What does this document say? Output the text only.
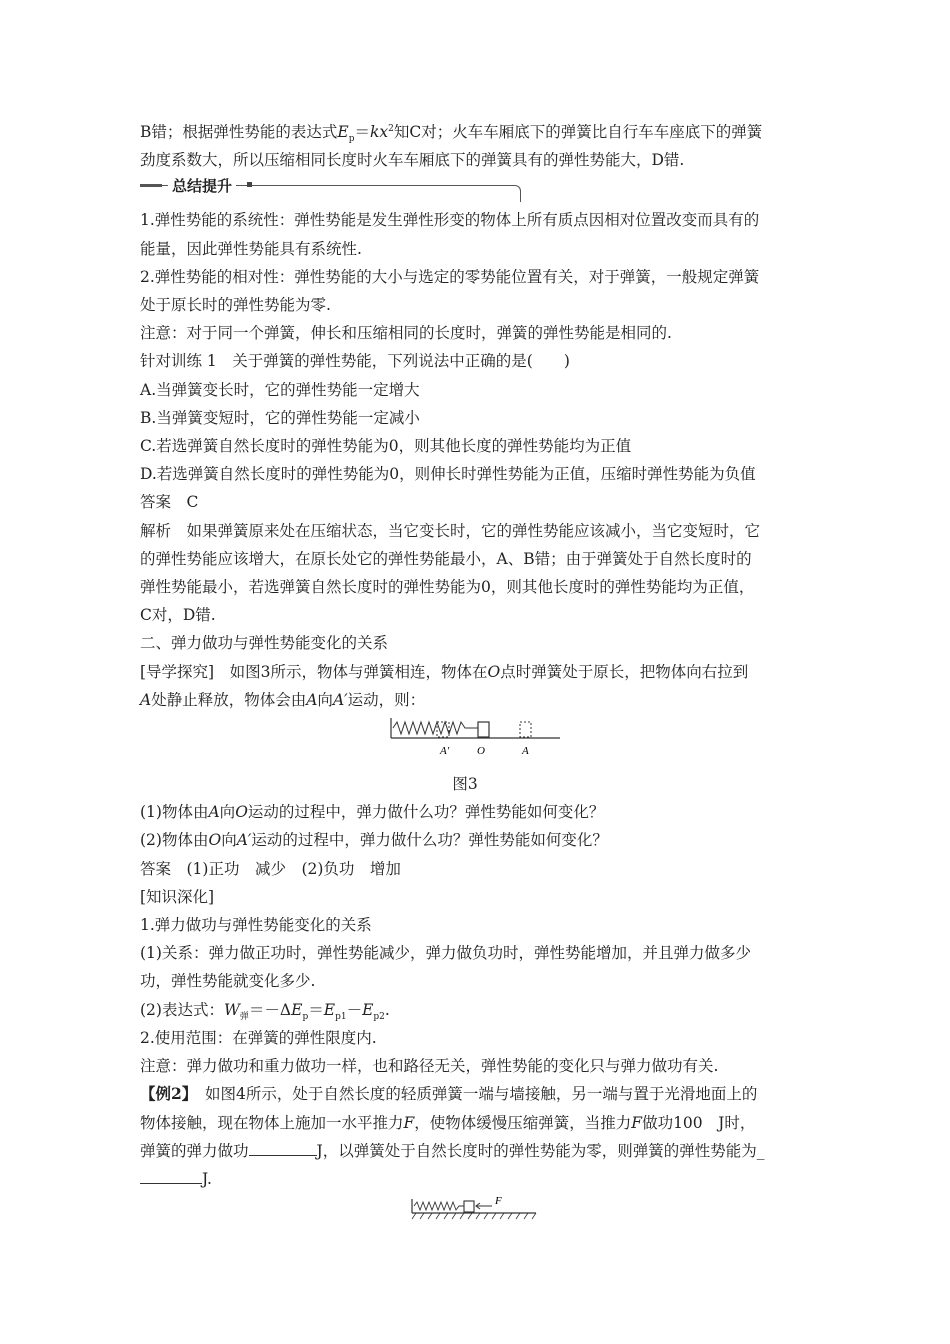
B错；根据弹性势能的表达式$E_p=kx^2$知C对；火车车厢底下的弹簧比自行车车座底下的弹簧
劲度系数大，所以压缩相同长度时火车车厢底下的弹簧具有的弹性势能大，D错.
总结提升
1.弹性势能的系统性：弹性势能是发生弹性形变的物体上所有质点因相对位置改变而具有的
能量，因此弹性势能具有系统性.
2.弹性势能的相对性：弹性势能的大小与选定的零势能位置有关，对于弹簧，一般规定弹簧
处于原长时的弹性势能为零.
注意：对于同一个弹簧，伸长和压缩相同的长度时，弹簧的弹性势能是相同的.
针对训练 1　关于弹簧的弹性势能，下列说法中正确的是(　　)
A.当弹簧变长时，它的弹性势能一定增大
B.当弹簧变短时，它的弹性势能一定减小
C.若选弹簧自然长度时的弹性势能为0，则其他长度的弹性势能均为正值
D.若选弹簧自然长度时的弹性势能为0，则伸长时弹性势能为正值，压缩时弹性势能为负值
答案　C
解析　如果弹簧原来处在压缩状态，当它变长时，它的弹性势能应该减小，当它变短时，它
的弹性势能应该增大，在原长处它的弹性势能最小，A、B错；由于弹簧处于自然长度时的
弹性势能最小，若选弹簧自然长度时的弹性势能为0，则其他长度时的弹性势能均为正值，
C对，D错.
二、弹力做功与弹性势能变化的关系
[导学探究]　如图3所示，物体与弹簧相连，物体在O点时弹簧处于原长，把物体向右拉到
A处静止释放，物体会由A向A′运动，则：
A′	O	A
图3
(1)物体由A向O运动的过程中，弹力做什么功？弹性势能如何变化？
(2)物体由O向A′运动的过程中，弹力做什么功？弹性势能如何变化？
答案　(1)正功　减少　(2)负功　增加
[知识深化]
1.弹力做功与弹性势能变化的关系
(1)关系：弹力做正功时，弹性势能减少，弹力做负功时，弹性势能增加，并且弹力做多少
功，弹性势能就变化多少.
(2)表达式：$W_弹=-\Delta E_p=E_{p1}-E_{p2}$.
2.使用范围：在弹簧的弹性限度内.
注意：弹力做功和重力做功一样，也和路径无关，弹性势能的变化只与弹力做功有关.
【例2】　如图4所示，处于自然长度的轻质弹簧一端与墙接触，另一端与置于光滑地面上的
物体接触，现在物体上施加一水平推力F，使物体缓慢压缩弹簧，当推力F做功100　J时，
弹簧的弹力做功	J，以弹簧处于自然长度时的弹性势能为零，则弹簧的弹性势能为_
J.
F
